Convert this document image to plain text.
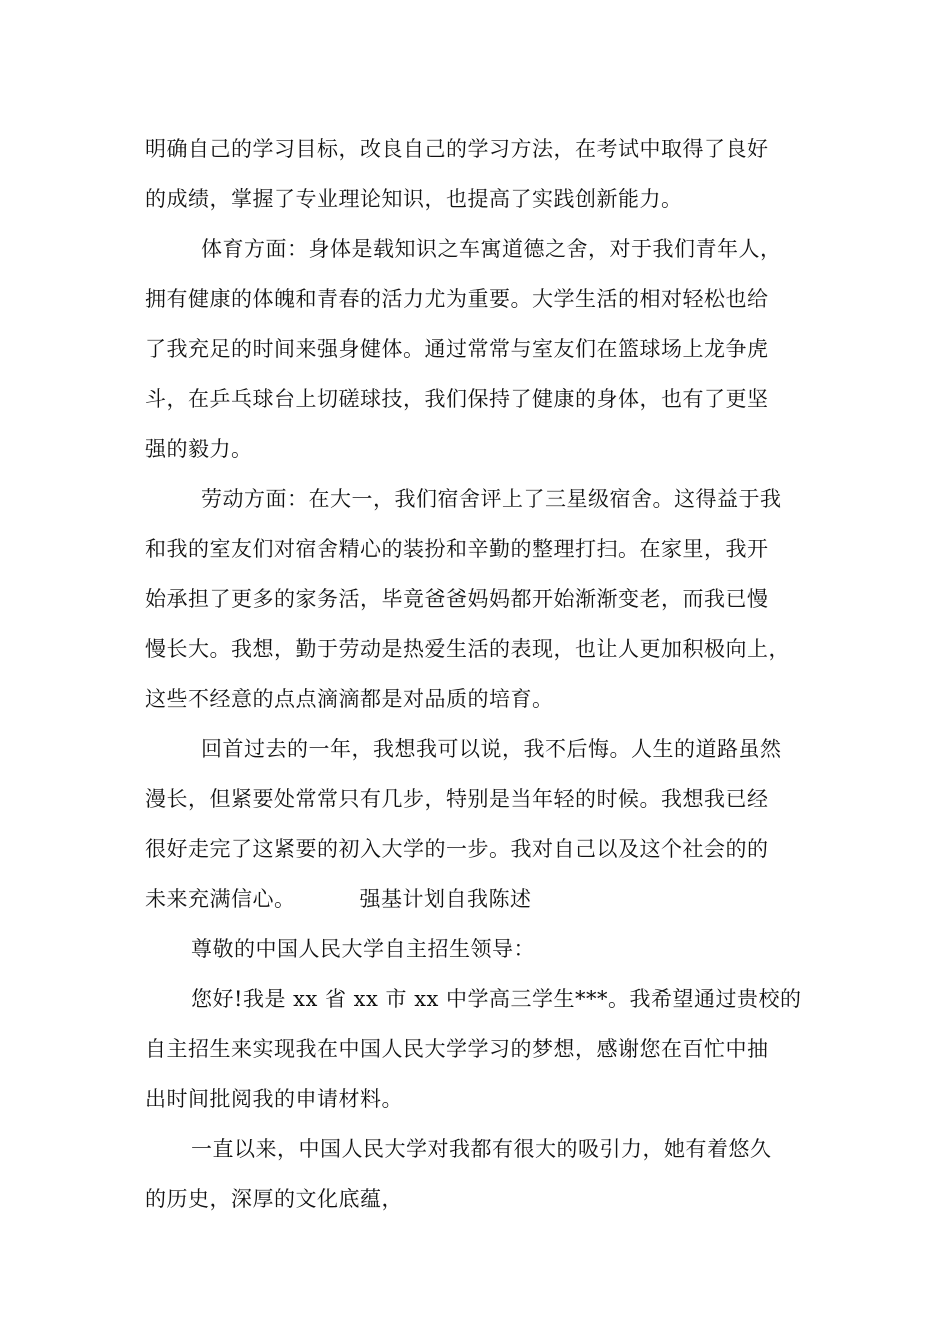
明确自己的学习目标，改良自己的学习方法，在考试中取得了良好
的成绩，掌握了专业理论知识，也提高了实践创新能力。
体育方面：身体是载知识之车寓道德之舍，对于我们青年人，
拥有健康的体魄和青春的活力尤为重要。大学生活的相对轻松也给
了我充足的时间来强身健体。通过常常与室友们在篮球场上龙争虎
斗，在乒乓球台上切磋球技，我们保持了健康的身体，也有了更坚
强的毅力。
劳动方面：在大一，我们宿舍评上了三星级宿舍。这得益于我
和我的室友们对宿舍精心的装扮和辛勤的整理打扫。在家里，我开
始承担了更多的家务活，毕竟爸爸妈妈都开始渐渐变老，而我已慢
慢长大。我想，勤于劳动是热爱生活的表现，也让人更加积极向上，
这些不经意的点点滴滴都是对品质的培育。
回首过去的一年，我想我可以说，我不后悔。人生的道路虽然
漫长，但紧要处常常只有几步，特别是当年轻的时候。我想我已经
很好走完了这紧要的初入大学的一步。我对自己以及这个社会的的
未来充满信心。	强基计划自我陈述
尊敬的中国人民大学自主招生领导：
您好!我是 xx 省 xx 市 xx 中学高三学生***。我希望通过贵校的
自主招生来实现我在中国人民大学学习的梦想，感谢您在百忙中抽
出时间批阅我的申请材料。
一直以来，中国人民大学对我都有很大的吸引力，她有着悠久
的历史，深厚的文化底蕴，
